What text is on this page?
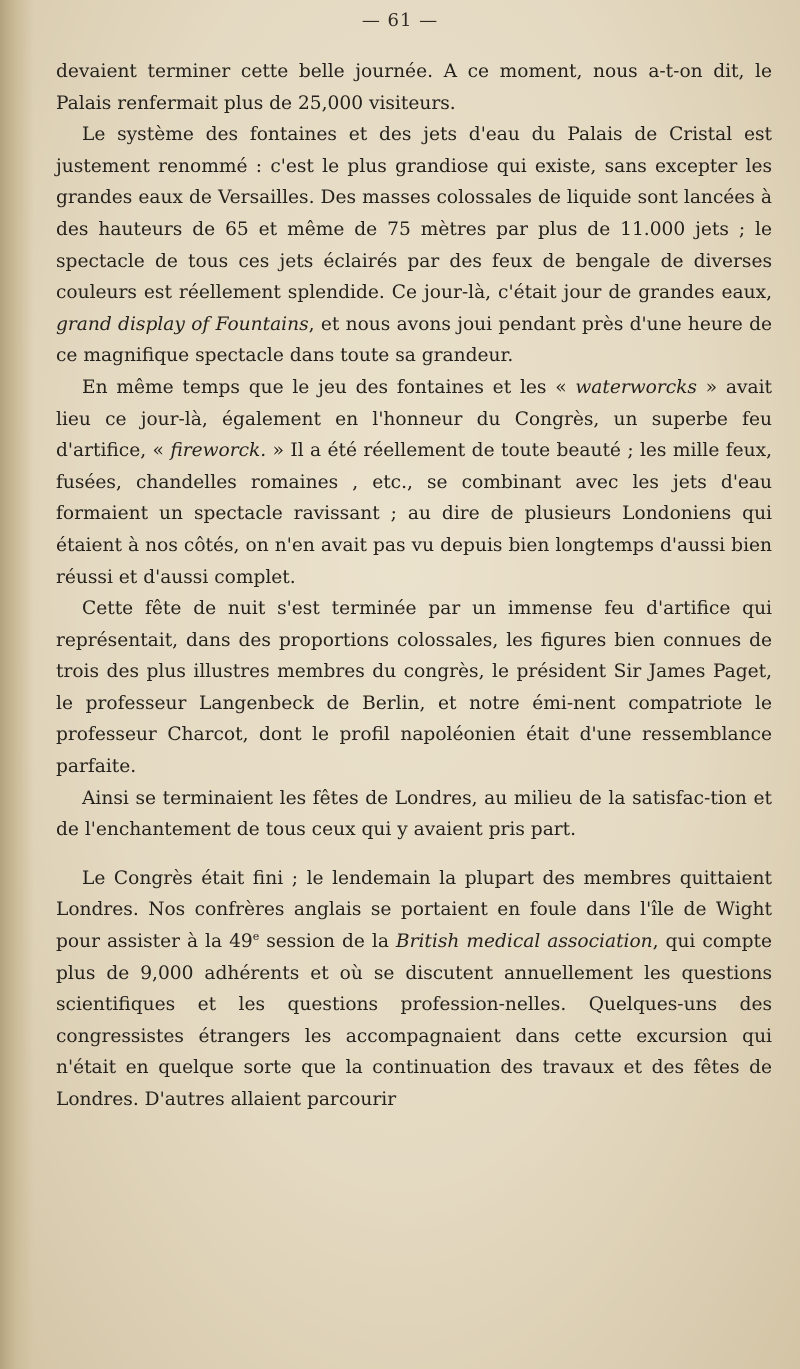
— 61 —

devaient terminer cette belle journée. A ce moment, nous a-t-on dit, le Palais renfermait plus de 25,000 visiteurs.

Le système des fontaines et des jets d'eau du Palais de Cristal est justement renommé : c'est le plus grandiose qui existe, sans excepter les grandes eaux de Versailles. Des masses colossales de liquide sont lancées à des hauteurs de 65 et même de 75 mètres par plus de 11.000 jets ; le spectacle de tous ces jets éclairés par des feux de bengale de diverses couleurs est réellement splendide. Ce jour-là, c'était jour de grandes eaux, grand display of Fountains, et nous avons joui pendant près d'une heure de ce magnifique spectacle dans toute sa grandeur.

En même temps que le jeu des fontaines et les « waterworcks » avait lieu ce jour-là, également en l'honneur du Congrès, un superbe feu d'artifice, « fireworck. » Il a été réellement de toute beauté ; les mille feux, fusées, chandelles romaines , etc., se combinant avec les jets d'eau formaient un spectacle ravissant ; au dire de plusieurs Londoniens qui étaient à nos côtés, on n'en avait pas vu depuis bien longtemps d'aussi bien réussi et d'aussi complet.

Cette fête de nuit s'est terminée par un immense feu d'artifice qui représentait, dans des proportions colossales, les figures bien connues de trois des plus illustres membres du congrès, le président Sir James Paget, le professeur Langenbeck de Berlin, et notre émi-nent compatriote le professeur Charcot, dont le profil napoléonien était d'une ressemblance parfaite.

Ainsi se terminaient les fêtes de Londres, au milieu de la satisfac-tion et de l'enchantement de tous ceux qui y avaient pris part.

Le Congrès était fini ; le lendemain la plupart des membres quittaient Londres. Nos confrères anglais se portaient en foule dans l'île de Wight pour assister à la 49e session de la British medical association, qui compte plus de 9,000 adhérents et où se discutent annuellement les questions scientifiques et les questions profession-nelles. Quelques-uns des congressistes étrangers les accompagnaient dans cette excursion qui n'était en quelque sorte que la continuation des travaux et des fêtes de Londres. D'autres allaient parcourir
